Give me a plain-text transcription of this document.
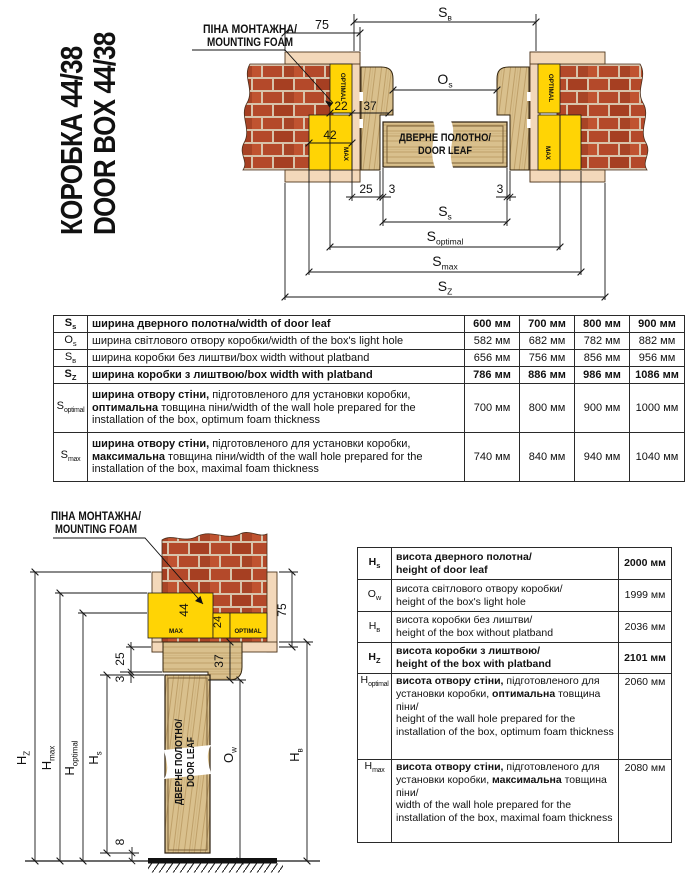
КОРОБКА 44/38
DOOR BOX 44/38	ДВЕРНЕ ПОЛОТНО/
DOOR LEAF
OPTIMAL
22
42
MAX
OPTIMAL
MAX
ПІНА МОНТАЖНА/
MOUNTING FOAM
$S_в$
75
$O_s$
37
25 3	3
$S_s$
$S_{optimal}$
$S_{max}$
$S_Z$
$S_s$	ширина дверного полотна/width of door leaf	600 мм	700 мм	800 мм	900 мм
$O_s$	ширина світлового отвору коробки/width of the box's light hole	582 мм	682 мм	782 мм	882 мм
$S_в$	ширина коробки без лиштви/box width without platband	656 мм	756 мм	856 мм	956 мм
$S_Z$	ширина коробки з лиштвою/box width with platband	786 мм	886 мм	986 мм	1086 мм
$S_{optimal}$	ширина отвору стіни, підготовленого для установки коробки, оптимальна товщина піни/width of the wall hole prepared for the installation of the box, optimum foam thickness	700 мм	800 мм	900 мм	1000 мм
$S_{max}$	ширина отвору стіни, підготовленого для установки коробки, максимальна товщина піни/width of the wall hole prepared for the installation of the box, maximal foam thickness	740 мм	840 мм	940 мм	1040 мм
44
MAX
24
OPTIMAL
ДВЕРНЕ ПОЛОТНО/ DOOR LEAF
ПІНА МОНТАЖНА/
MOUNTING FOAM
75
25
3
37
8
$O_w$
$H_в$
$H_Z$
$H_{max}$
$H_{optimal}$ $H_s$
$H_s$	висота дверного полотна/
height of door leaf	2000 мм
$O_w$	висота світлового отвору коробки/
height of the box's light hole	1999 мм
$H_в$	висота коробки без лиштви/
height of the box without platband	2036 мм
$H_Z$	висота коробки з лиштвою/
height of the box with platband	2101 мм
$H_{optimal}$	висота отвору стіни, підготовленого для установки коробки, оптимальна товщина піни/
height of the wall hole prepared for the installation of the box, optimum foam thickness	2060 мм
$H_{max}$	висота отвору стіни, підготовленого для установки коробки, максимальна товщина піни/
width of the wall hole prepared for the installation of the box, maximal foam thickness	2080 мм
